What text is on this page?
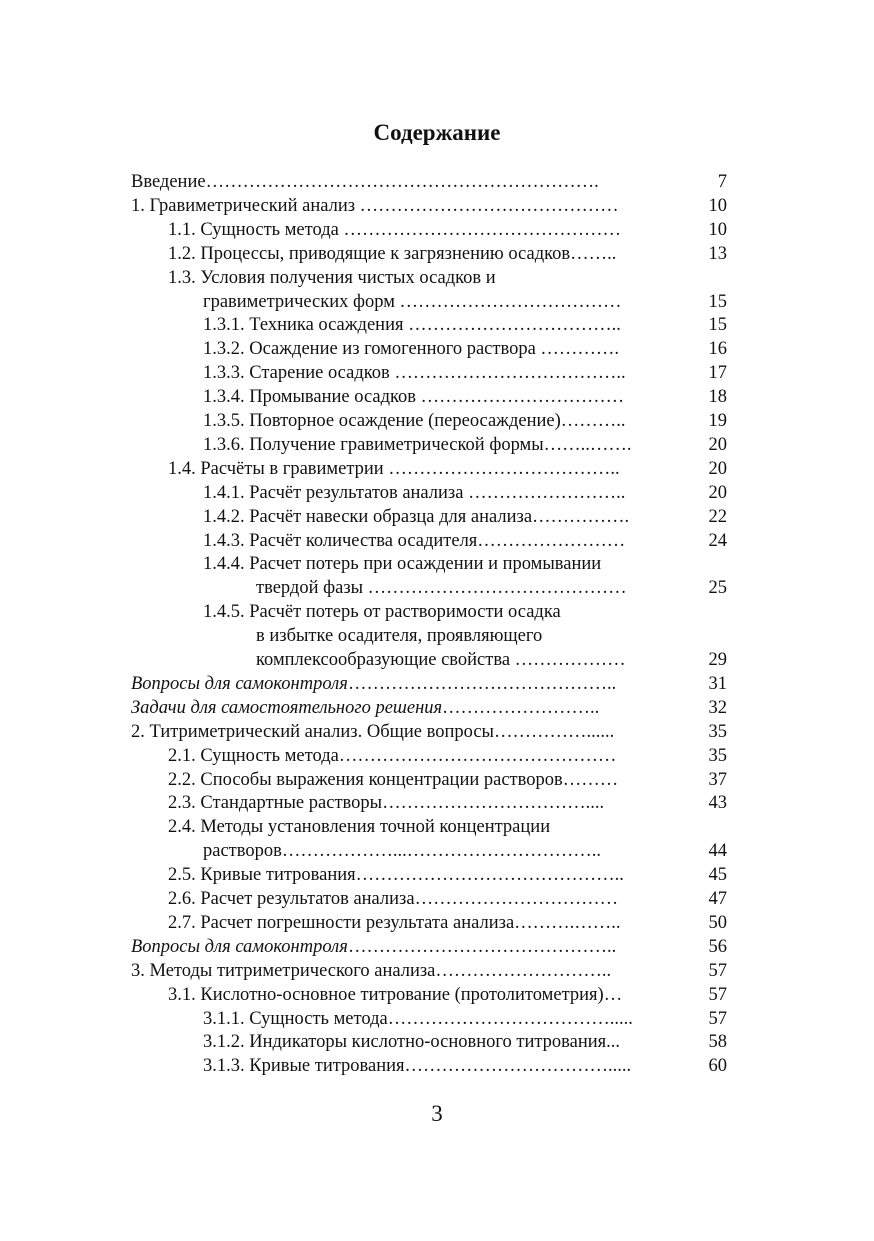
Содержание
Введение……………………………………………………….	7
1. Гравиметрический анализ ……………………………………	10
1.1. Сущность метода ………………………………………	10
1.2. Процессы, приводящие к загрязнению осадков……..	13
1.3. Условия получения чистых осадков и
гравиметрических форм ………………………………	15
1.3.1. Техника осаждения ……………………………..	15
1.3.2. Осаждение из гомогенного раствора ………….	16
1.3.3. Старение осадков ………………………………..	17
1.3.4. Промывание осадков ……………………………	18
1.3.5. Повторное осаждение (переосаждение)………..	19
1.3.6. Получение гравиметрической формы……..…….	20
1.4. Расчёты в гравиметрии ………………………………..	20
1.4.1. Расчёт результатов анализа ……………………..	20
1.4.2. Расчёт навески образца для анализа…………….	22
1.4.3. Расчёт количества осадителя……………………	24
1.4.4. Расчет потерь при осаждении и промывании
твердой фазы ……………………………………	25
1.4.5. Расчёт потерь от растворимости осадка
в избытке осадителя, проявляющего
комплексообразующие свойства ………………	29
Вопросы для самоконтроля ……………………………………..	31
Задачи для самостоятельного решения ……………………..	32
2. Титриметрический анализ. Общие вопросы……………......	35
2.1. Сущность метода………………………………………	35
2.2. Способы выражения концентрации растворов………	37
2.3. Стандартные растворы……………………………....	43
2.4. Методы установления точной концентрации
растворов………………...…………………………..	44
2.5. Кривые титрования……………………………………..	45
2.6. Расчет результатов анализа……………………………	47
2.7. Расчет погрешности результата анализа……….……..	50
Вопросы для самоконтроля ……………………………………..	56
3. Методы титриметрического анализа………………………..	57
3.1. Кислотно-основное титрование (протолитометрия)…	57
3.1.1. Сущность метода……………………………….....	57
3.1.2. Индикаторы кислотно-основного титрования...	58
3.1.3. Кривые титрования…………………………….....	60
3
